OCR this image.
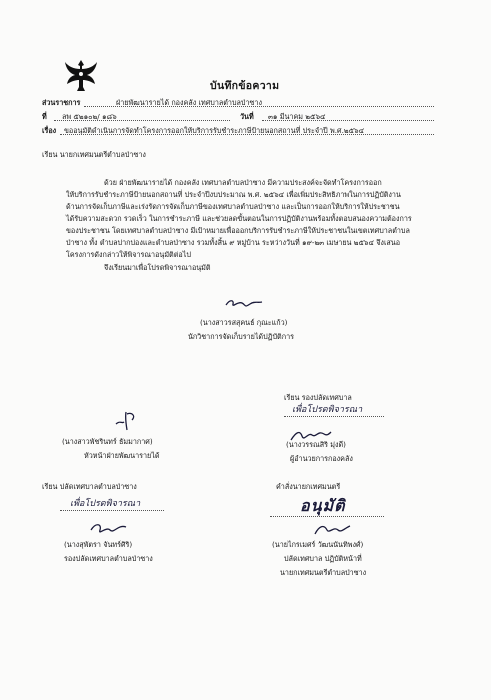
บันทึกข้อความ
ส่วนราชการ	ฝ่ายพัฒนารายได้ กองคลัง เทศบาลตำบลป่าซาง
ที่ ลพ ๕๒๑๐๒/ ๑๘๖	วันที่ ๓๑ มีนาคม ๒๕๖๔
เรื่อง ขออนุมัติดำเนินการจัดทำโครงการออกให้บริการรับชำระภาษีป้ายนอกสถานที่ ประจำปี พ.ศ.๒๕๖๔
เรียน นายกเทศมนตรีตำบลป่าซาง
ด้วย ฝ่ายพัฒนารายได้ กองคลัง เทศบาลตำบลป่าซาง มีความประสงค์จะจัดทำโครงการออก
ให้บริการรับชำระภาษีป้ายนอกสถานที่ ประจำปีงบประมาณ พ.ศ. ๒๕๖๔ เพื่อเพิ่มประสิทธิภาพในการปฏิบัติงาน
ด้านการจัดเก็บภาษีและเร่งรัดการจัดเก็บภาษีของเทศบาลตำบลป่าซาง และเป็นการออกให้บริการให้ประชาชน
ได้รับความสะดวก รวดเร็ว ในการชำระภาษี และช่วยลดขั้นตอนในการปฏิบัติงานพร้อมทั้งตอบสนองความต้องการ
ของประชาชน โดยเทศบาลตำบลป่าซาง มีเป้าหมายเพื่อออกบริการรับชำระภาษีให้ประชาชนในเขตเทศบาลตำบล
ป่าซาง ทั้ง ตำบลปากบ่องและตำบลป่าซาง รวมทั้งสิ้น ๙ หมู่บ้าน ระหว่างวันที่ ๑๙-๒๓ เมษายน ๒๕๖๔ จึงเสนอ
โครงการดังกล่าวให้พิจารณาอนุมัติต่อไป
จึงเรียนมาเพื่อโปรดพิจารณาอนุมัติ
(นางสาวรสสุคนธ์ กุณะแก้ว)
นักวิชาการจัดเก็บรายได้ปฏิบัติการ
เรียน รองปลัดเทศบาล
เพื่อโปรดพิจารณา
(นางวรรณสิริ มุ่งดี)
ผู้อำนวยการกองคลัง
(นางสาวพัชรินทร์ ธัมมากาศ)
หัวหน้าฝ่ายพัฒนารายได้
เรียน ปลัดเทศบาลตำบลป่าซาง
เพื่อโปรดพิจารณา
(นางสุพัตรา จันทร์ศิริ)
รองปลัดเทศบาลตำบลป่าซาง
คำสั่งนายกเทศมนตรี
อนุมัติ
(นายไกรเมศร์ วัฒนนันทิพงศ์)
ปลัดเทศบาล ปฏิบัติหน้าที่
นายกเทศมนตรีตำบลป่าซาง
